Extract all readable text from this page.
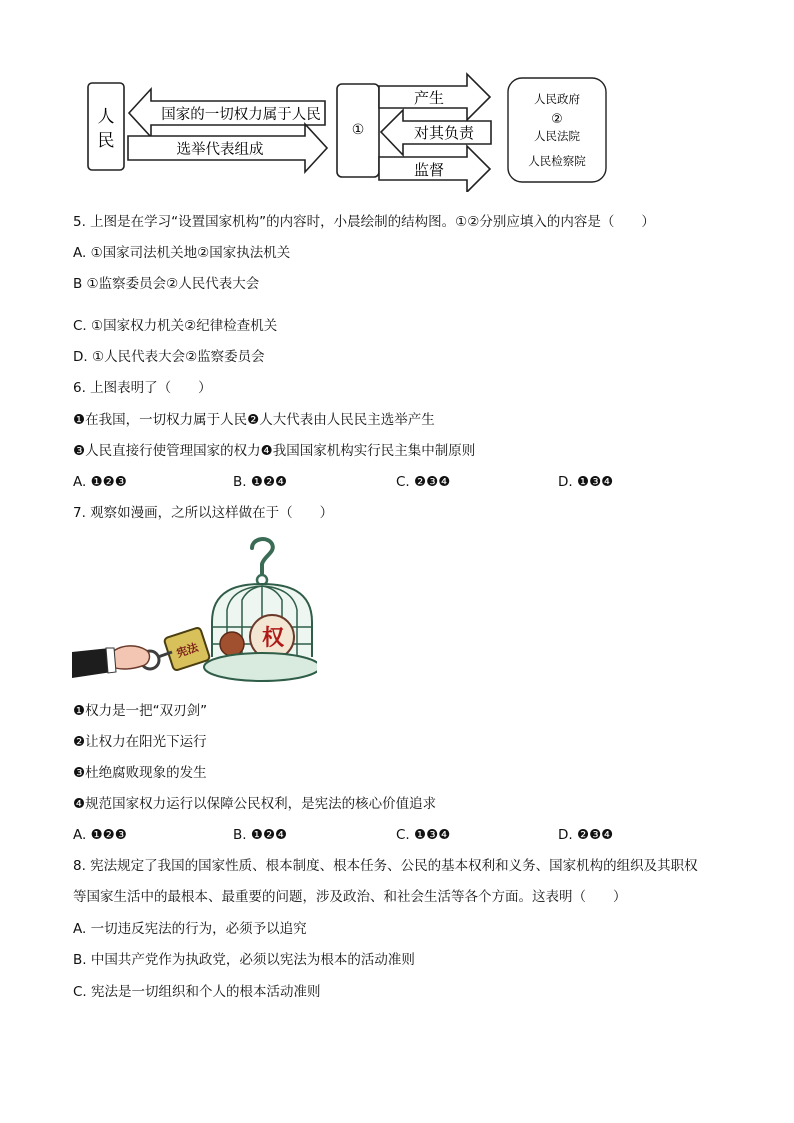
人
民
国家的一切权力属于人民
选举代表组成
①
产生
对其负责
监督
人民政府
②
人民法院
人民检察院
5. 上图是在学习“设置国家机构”的内容时，小晨绘制的结构图。①②分别应填入的内容是（　　）
A. ①国家司法机关地②国家执法机关
B ①监察委员会②人民代表大会
C. ①国家权力机关②纪律检查机关
D. ①人民代表大会②监察委员会
6. 上图表明了（　　）
❶在我国，一切权力属于人民❷人大代表由人民民主选举产生
❸人民直接行使管理国家的权力❹我国国家机构实行民主集中制原则
A. ❶❷❸	B. ❶❷❹	C. ❷❸❹	D. ❶❸❹
7. 观察如漫画，之所以这样做在于（　　）
权
宪法
❶权力是一把“双刃剑”
❷让权力在阳光下运行
❸杜绝腐败现象的发生
❹规范国家权力运行以保障公民权利，是宪法的核心价值追求
A. ❶❷❸	B. ❶❷❹	C. ❶❸❹	D. ❷❸❹
8. 宪法规定了我国的国家性质、根本制度、根本任务、公民的基本权利和义务、国家机构的组织及其职权
等国家生活中的最根本、最重要的问题，涉及政治、和社会生活等各个方面。这表明（　　）
A. 一切违反宪法的行为，必须予以追究
B. 中国共产党作为执政党，必须以宪法为根本的活动准则
C. 宪法是一切组织和个人的根本活动准则
